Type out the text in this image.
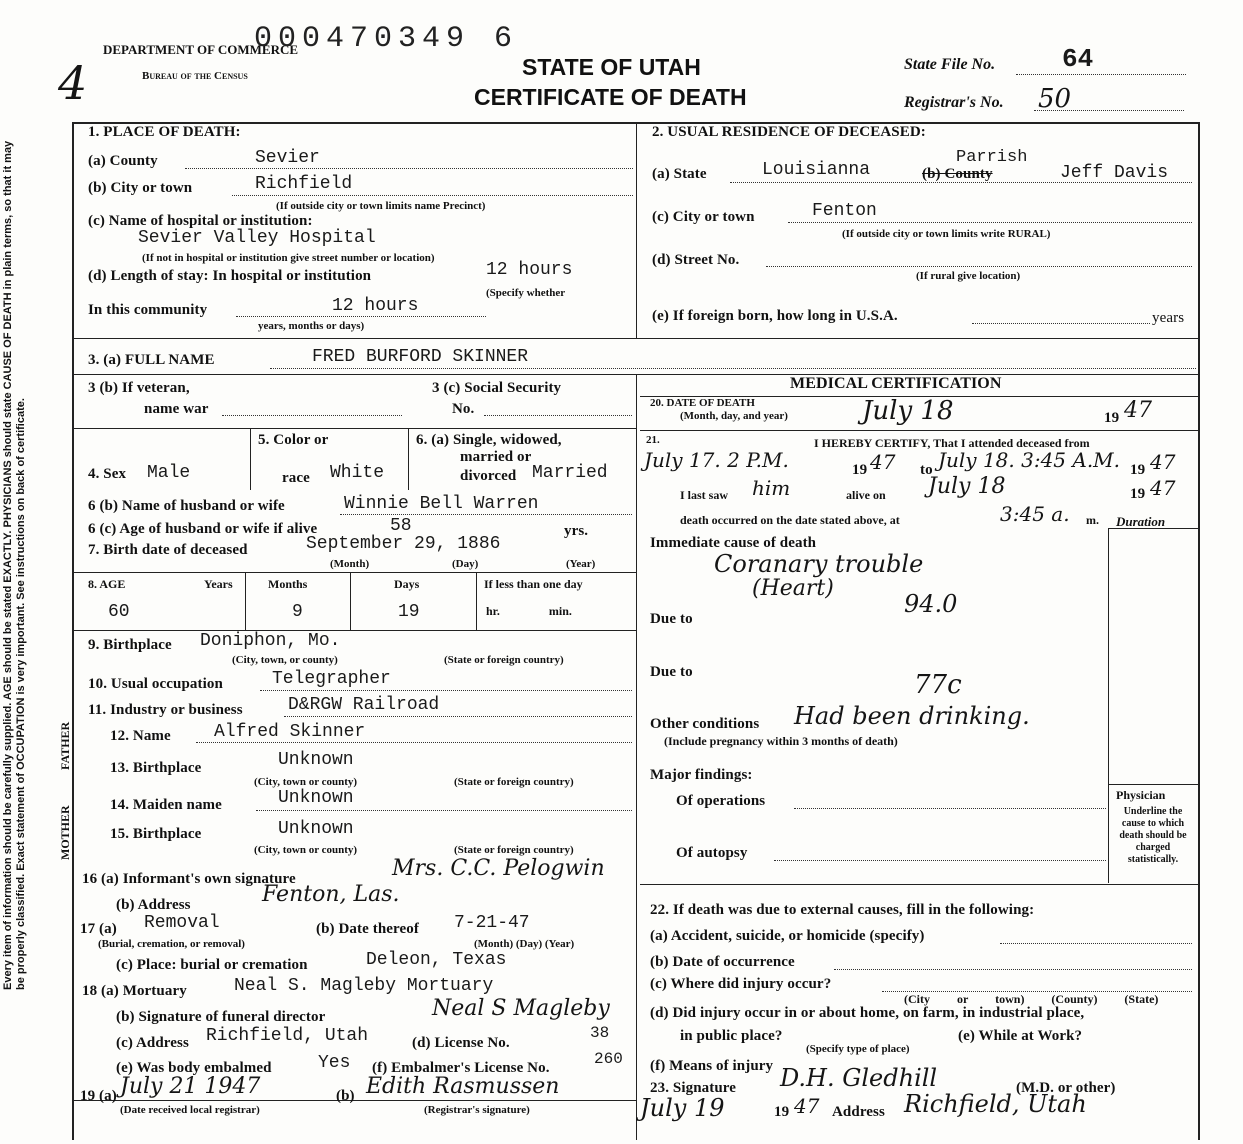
Every item of information should be carefully supplied. AGE should be stated EXACTLY. PHYSICIANS should state CAUSE OF DEATH in plain terms, so that it may be properly classified. Exact statement of OCCUPATION is very important. See instructions on back of certificate.
DEPARTMENT OF COMMERCE
Bureau of the Census
000470349 6
STATE OF UTAH
CERTIFICATE OF DEATH
State File No.	64
Registrar's No. 50
4
1. PLACE OF DEATH:
(a) County	Sevier
(b) City or town	Richfield
(If outside city or town limits name Precinct)
(c) Name of hospital or institution:
Sevier Valley Hospital
(If not in hospital or institution give street number or location)
(d) Length of stay: In hospital or institution	12 hours
(Specify whether
In this community	12 hours
years, months or days)
2. USUAL RESIDENCE OF DECEASED:
(a) State	Louisianna	(b) County
Parrish
Jeff Davis
(c) City or town	Fenton
(If outside city or town limits write RURAL)
(d) Street No.
(If rural give location)
(e) If foreign born, how long in U.S.A.	years
3. (a) FULL NAME	FRED BURFORD SKINNER
3 (b) If veteran,
name war
3 (c) Social Security
No.
4. Sex Male
5. Color or
race White
6. (a) Single, widowed,
married or
divorced Married
6 (b) Name of husband or wife	Winnie Bell Warren
6 (c) Age of husband or wife if alive	58	yrs.
7. Birth date of deceased	September 29, 1886
(Month)	(Day)	(Year)
8. AGE	Years	Months	Days	If less than one day
60	9	19	hr. min.
9. Birthplace Doniphon, Mo.
(City, town, or county)	(State or foreign country)
10. Usual occupation	Telegrapher
11. Industry or business	D&RGW Railroad
FATHER
MOTHER
12. Name Alfred Skinner
13. Birthplace	Unknown
(City, town or county)	(State or foreign country)
14. Maiden name	Unknown
15. Birthplace	Unknown
(City, town or county)	(State or foreign country)
16 (a) Informant's own signature	Mrs. C.C. Pelogwin
(b) Address	Fenton, Las.
17 (a) Removal
(Burial, cremation, or removal)
(b) Date thereof 7-21-47
(Month) (Day) (Year)
(c) Place: burial or cremation	Deleon, Texas
18 (a) Mortuary	Neal S. Magleby Mortuary
(b) Signature of funeral director	Neal S Magleby
(c) Address Richfield, Utah	(d) License No.
38
(e) Was body embalmed	Yes (f) Embalmer's License No.	260
19 (a) July 21 1947
(Date received local registrar)
(b) Edith Rasmussen
(Registrar's signature)
MEDICAL CERTIFICATION
20. DATE OF DEATH
(Month, day, and year)	July 18	19 47
21.	I HEREBY CERTIFY, That I attended deceased from
July 17. 2 P.M.	19 47 to July 18. 3:45 A.M. 19 47
I last saw him	alive on July 18	19 47
death occurred on the date stated above, at	3:45 a. m. Duration
Immediate cause of death
Coranary trouble
(Heart)
94.0
Due to
Due to	77c
Other conditions Had been drinking.
(Include pregnancy within 3 months of death)
Major findings:
Of operations
Of autopsy
Physician
Underline the cause to which death should be charged statistically.
22. If death was due to external causes, fill in the following:
(a) Accident, suicide, or homicide (specify)
(b) Date of occurrence
(c) Where did injury occur?
(City or town) (County) (State)
(d) Did injury occur in or about home, on farm, in industrial place,
in public place?
(Specify type of place)
(e) While at Work?
(f) Means of injury
23. Signature D.H. Gledhill	(M.D. or other)
July 19	19 47 Address Richfield, Utah
